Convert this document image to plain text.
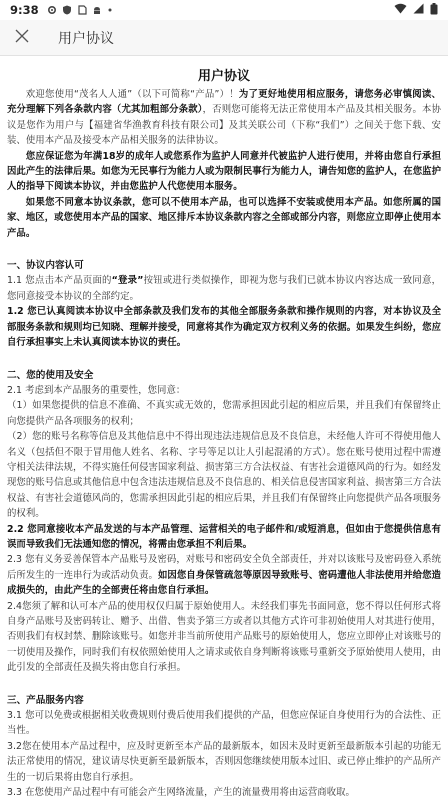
9:38
用户协议
用户协议

欢迎您使用“茂名人人通”（以下可简称“产品”）！为了更好地使用相应服务，请您务必审慎阅读、充分理解下列各条款内容（尤其加粗部分条款），否则您可能将无法正常使用本产品及其相关服务。本协议是您作为用户与【福建省华渔教育科技有限公司】及其关联公司（下称“我们”）之间关于您下载、安装、使用本产品及接受本产品相关服务的法律协议。

您应保证您为年满18岁的成年人或您系作为监护人同意并代被监护人进行使用，并将由您自行承担因此产生的法律后果。如您为无民事行为能力人或为限制民事行为能力人，请告知您的监护人，在您监护人的指导下阅读本协议，并由您监护人代您使用本服务。

如果您不同意本协议条款，您可以不使用本产品，也可以选择不安装或使用本产品。如您所属的国家、地区，或您使用本产品的国家、地区排斥本协议条款内容之全部或部分内容，则您应立即停止使用本产品。

一、协议内容认可

1.1 您点击本产品页面的“登录”按钮或进行类似操作，即视为您与我们已就本协议内容达成一致同意，您同意接受本协议的全部约定。

1.2 您已认真阅读本协议中全部条款及我们发布的其他全部服务条款和操作规则的内容，对本协议及全部服务条款和规则均已知晓、理解并接受，同意将其作为确定双方权利义务的依据。如果发生纠纷，您应自行承担事实上未认真阅读本协议的责任。

二、您的使用及安全

2.1 考虑到本产品服务的重要性，您同意：

（1）如果您提供的信息不准确、不真实或无效的，您需承担因此引起的相应后果，并且我们有保留终止向您提供产品各项服务的权利；

（2）您的账号名称等信息及其他信息中不得出现违法违规信息及不良信息，未经他人许可不得使用他人名义（包括但不限于冒用他人姓名、名称、字号等足以让人引起混淆的方式）。您在账号使用过程中需遵守相关法律法规，不得实施任何侵害国家利益、损害第三方合法权益、有害社会道德风尚的行为。如经发现您的账号信息或其他信息中包含违法违规信息及不良信息的、相关信息侵害国家利益、损害第三方合法权益、有害社会道德风尚的，您需承担因此引起的相应后果，并且我们有保留终止向您提供产品各项服务的权利。

2.2 您同意接收本产品发送的与本产品管理、运营相关的电子邮件和/或短消息，但如由于您提供信息有误而导致我们无法通知您的情况，将需由您承担不利后果。

2.3 您有义务妥善保管本产品账号及密码，对账号和密码安全负全部责任，并对以该账号及密码登入系统后所发生的一连串行为或活动负责。如因您自身保管疏忽等原因导致账号、密码遭他人非法使用并给您造成损失的，由此产生的全部责任将由您自行承担。

2.4您须了解和认可本产品的使用权仅归属于原始使用人。未经我们事先书面同意，您不得以任何形式将自身产品账号及密码转让、赠予、出借、售卖予第三方或者以其他方式许可非初始使用人对其进行使用，否则我们有权封禁、删除该账号。如您并非当前所使用产品账号的原始使用人，您应立即停止对该账号的一切使用及操作，同时我们有权依照始使用人之请求或依自身判断将该账号重新交予原始使用人使用，由此引发的全部责任及损失将由您自行承担。

三、产品服务内容

3.1 您可以免费或根据相关收费规则付费后使用我们提供的产品，但您应保证自身使用行为的合法性、正当性。

3.2您在使用本产品过程中，应及时更新至本产品的最新版本，如因未及时更新至最新版本引起的功能无法正常使用的情况，建议请尽快更新至最新版本，否则因您继续使用版本过旧、或已停止维护的产品所产生的一切后果将由您自行承担。

3.3 在您使用产品过程中有可能会产生网络流量，产生的流量费用将由运营商收取。
